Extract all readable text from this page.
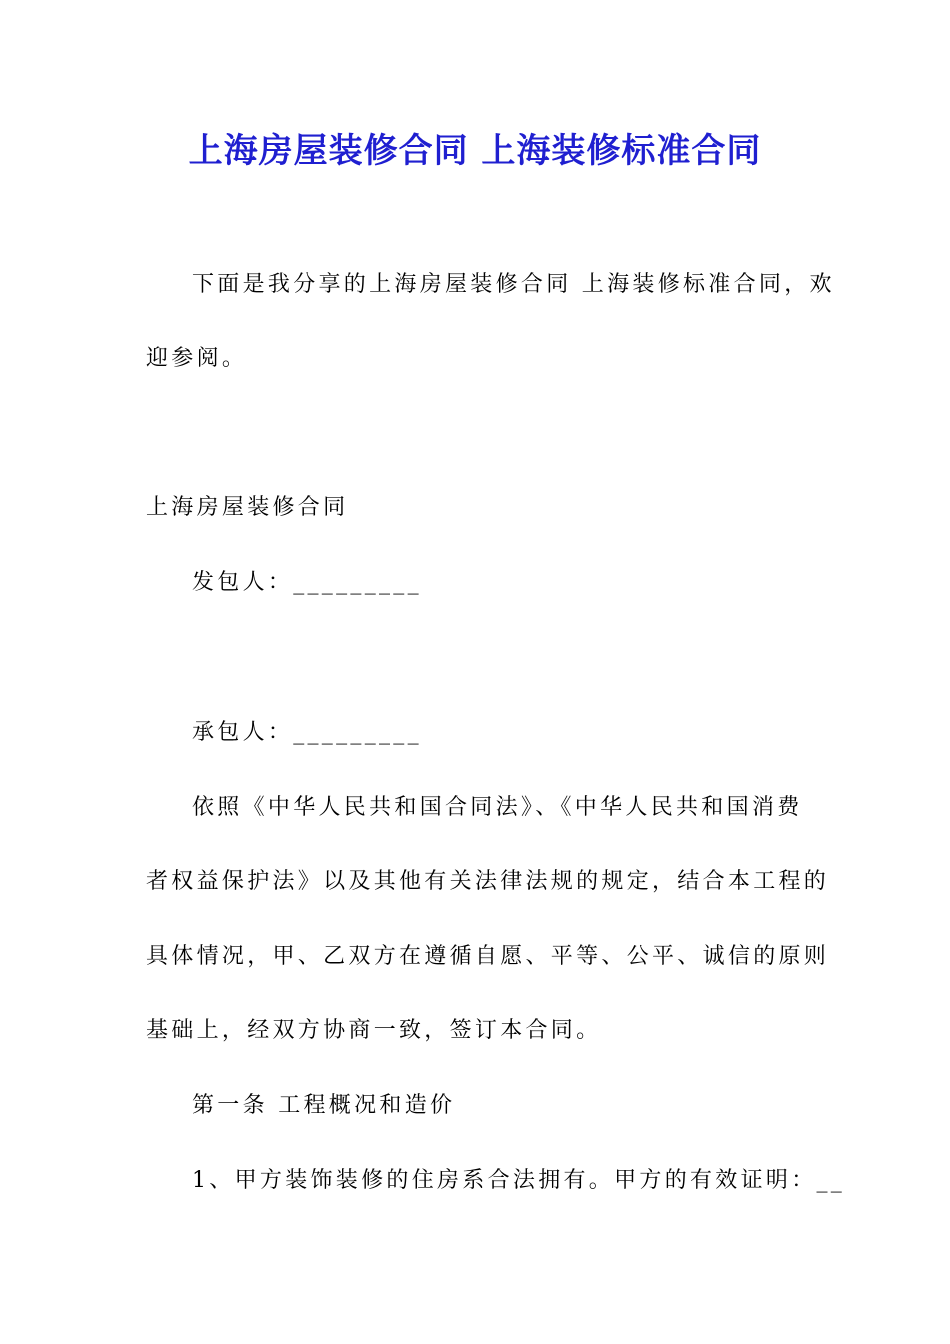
上海房屋装修合同 上海装修标准合同
下面是我分享的上海房屋装修合同 上海装修标准合同，欢
迎参阅。
上海房屋装修合同
发包人：_________
承包人：_________
依照《中华人民共和国合同法》、《中华人民共和国消费
者权益保护法》以及其他有关法律法规的规定，结合本工程的
具体情况，甲、乙双方在遵循自愿、平等、公平、诚信的原则
基础上，经双方协商一致，签订本合同。
第一条 工程概况和造价
1、甲方装饰装修的住房系合法拥有。甲方的有效证明：__
